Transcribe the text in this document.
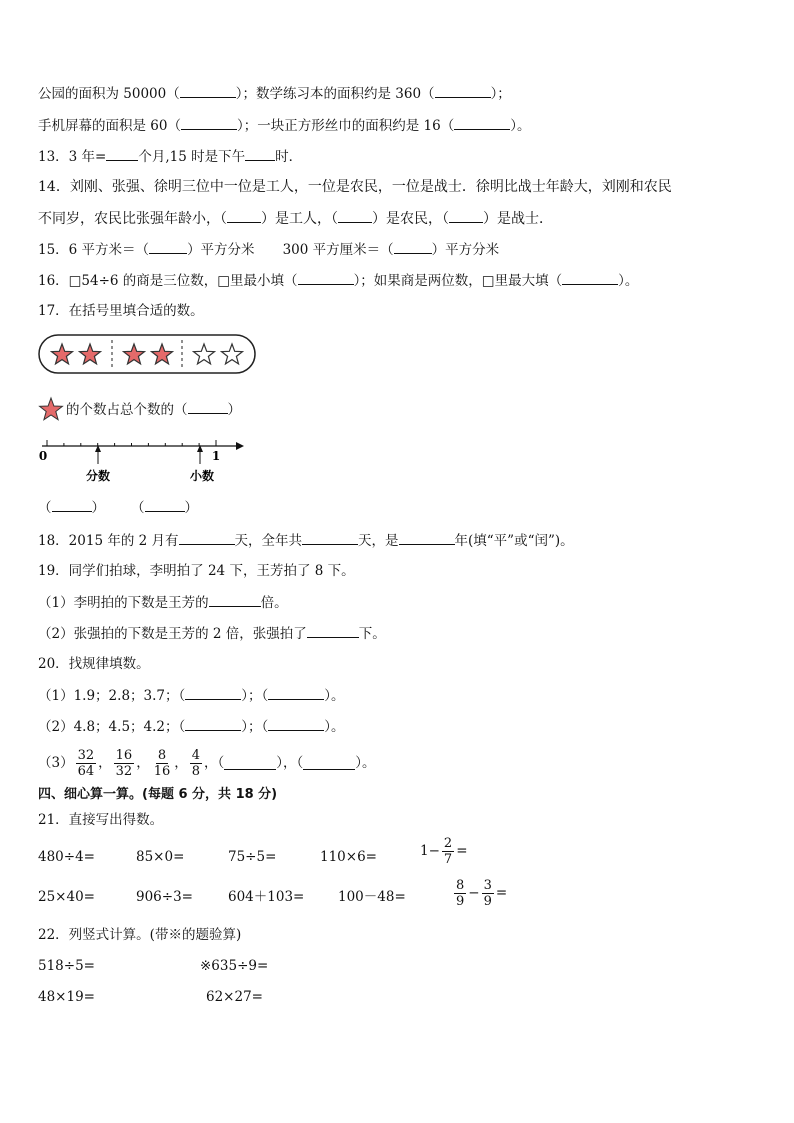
公园的面积为 50000（	）；数学练习本的面积约是 360（	）；
手机屏幕的面积是 60（	）；一块正方形丝巾的面积约是 16（	）。
13．3 年= 个月,15 时是下午 时．
14．刘刚、张强、徐明三位中一位是工人，一位是农民，一位是战士．徐明比战士年龄大，刘刚和农民
不同岁，农民比张强年龄小，（ ）是工人，（ ）是农民，（ ）是战士．
15．6 平方米＝（	）平方分米 300 平方厘米＝（	）平方分米
16．□54÷6 的商是三位数，□里最小填（	）；如果商是两位数，□里最大填（	）。
17．在括号里填合适的数。
的个数占总个数的（	）
0	1
分数	小数
（	） （	）
18．2015 年的 2 月有	天，全年共	天，是	年(填“平”或“闰”)。
19．同学们拍球，李明拍了 24 下，王芳拍了 8 下。
（1）李明拍的下数是王芳的	倍。
（2）张强拍的下数是王芳的 2 倍，张强拍了	下。
20．找规律填数。
（1）1.9；2.8；3.7；（	）；（	）。
（2）4.8；4.5；4.2；（	）；（	）。
$(3) \frac{32}{64}$ ， $\frac{16}{32}$ ， $\frac{8}{16}$ ， $\frac{4}{8}$ ，（	），（	）。
四、细心算一算。(每题 6 分，共 18 分)
21．直接写出得数。
480÷4=	85×0=	75÷5=	110×6=	$1- \frac{2}{7}$ =
25×40=	906÷3=	604＋103= 100－48=	$\frac{8}{9} - \frac{3}{9}$ =
22．列竖式计算。(带※的题验算)
518÷5=	※635÷9=
48×19=	62×27=
